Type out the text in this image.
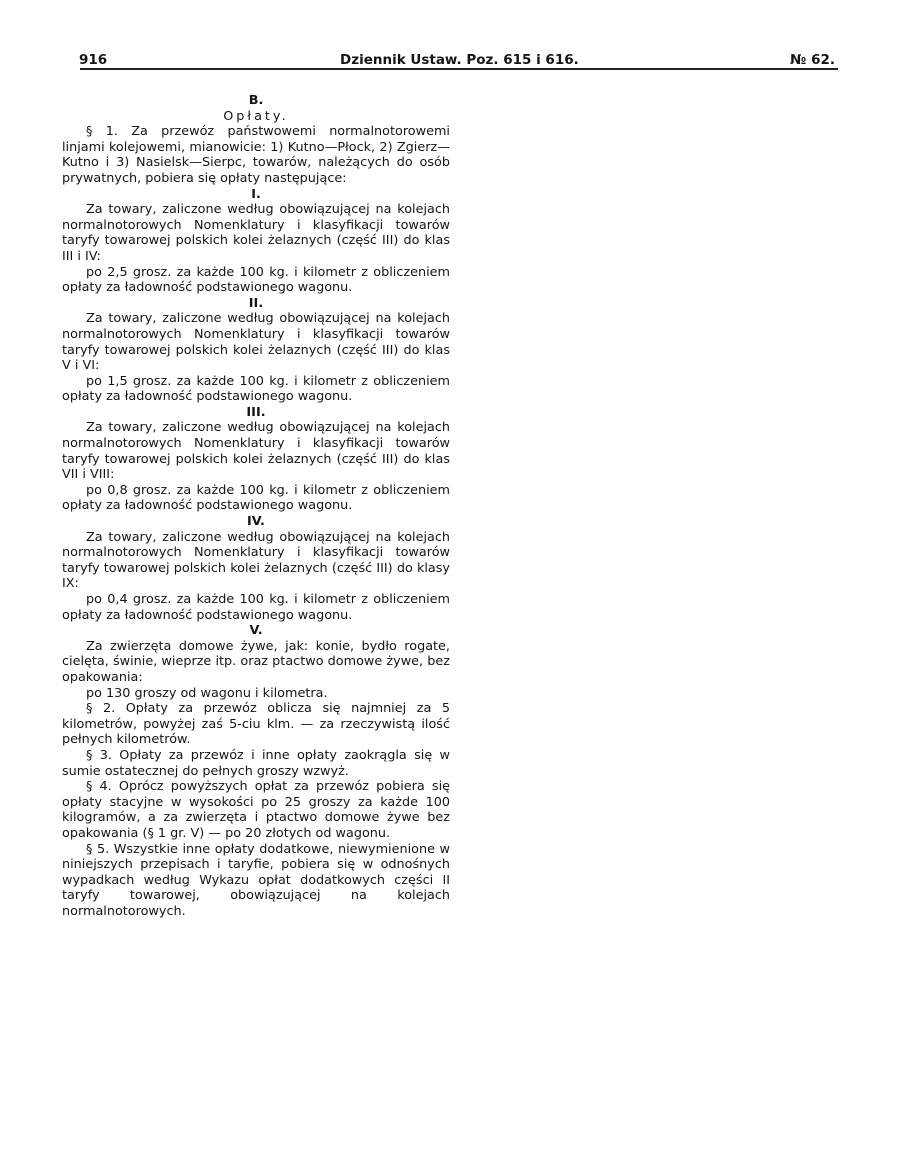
916	Dziennik Ustaw. Poz. 615 i 616.	№ 62.

B.

Opłaty.

§ 1. Za przewóz państwowemi normalnotorowemi linjami kolejowemi, mianowicie: 1) Kutno—Płock, 2) Zgierz—Kutno i 3) Nasielsk—Sierpc, towarów, należących do osób prywatnych, pobiera się opłaty następujące:

I.

Za towary, zaliczone według obowiązującej na kolejach normalnotorowych Nomenklatury i klasyfikacji towarów taryfy towarowej polskich kolei żelaznych (część III) do klas III i IV:

po 2,5 grosz. za każde 100 kg. i kilometr z obliczeniem opłaty za ładowność podstawionego wagonu.

II.

Za towary, zaliczone według obowiązującej na kolejach normalnotorowych Nomenklatury i klasyfikacji towarów taryfy towarowej polskich kolei żelaznych (część III) do klas V i VI:

po 1,5 grosz. za każde 100 kg. i kilometr z obliczeniem opłaty za ładowność podstawionego wagonu.

III.

Za towary, zaliczone według obowiązującej na kolejach normalnotorowych Nomenklatury i klasyfikacji towarów taryfy towarowej polskich kolei żelaznych (część III) do klas VII i VIII:

po 0,8 grosz. za każde 100 kg. i kilometr z obliczeniem opłaty za ładowność podstawionego wagonu.

IV.

Za towary, zaliczone według obowiązującej na kolejach normalnotorowych Nomenklatury i klasyfikacji towarów taryfy towarowej polskich kolei żelaznych (część III) do klasy IX:

po 0,4 grosz. za każde 100 kg. i kilometr z obliczeniem opłaty za ładowność podstawionego wagonu.

V.

Za zwierzęta domowe żywe, jak: konie, bydło rogate, cielęta, świnie, wieprze itp. oraz ptactwo domowe żywe, bez opakowania:

po 130 groszy od wagonu i kilometra.

§ 2. Opłaty za przewóz oblicza się najmniej za 5 kilometrów, powyżej zaś 5-ciu klm. — za rzeczywistą ilość pełnych kilometrów.

§ 3. Opłaty za przewóz i inne opłaty zaokrągla się w sumie ostatecznej do pełnych groszy wzwyż.

§ 4. Oprócz powyższych opłat za przewóz pobiera się opłaty stacyjne w wysokości po 25 groszy za każde 100 kilogramów, a za zwierzęta i ptactwo domowe żywe bez opakowania (§ 1 gr. V) — po 20 złotych od wagonu.

§ 5. Wszystkie inne opłaty dodatkowe, niewymienione w niniejszych przepisach i taryfie, pobiera się w odnośnych wypadkach według Wykazu opłat dodatkowych części II taryfy towarowej, obowiązującej na kolejach normalnotorowych.
